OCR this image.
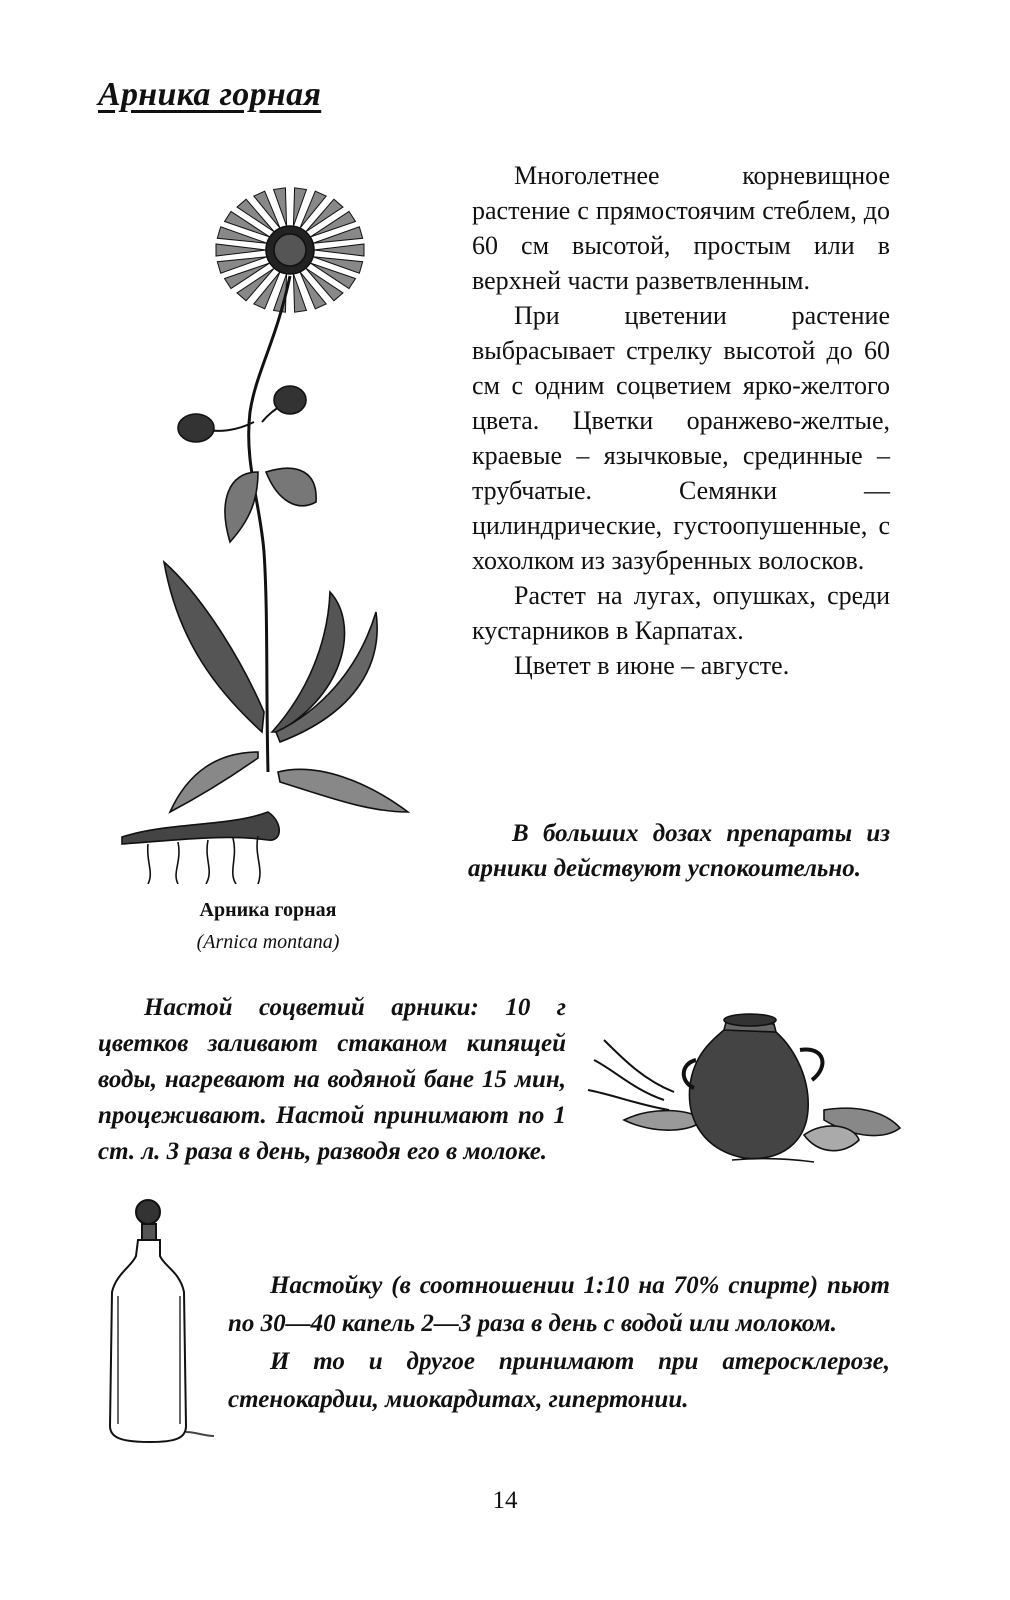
Арника горная

Многолетнее корневищное растение с прямостоячим стеблем, до 60 см высотой, простым или в верхней части разветвленным.

При цветении растение выбрасывает стрелку высотой до 60 см с одним соцветием ярко-желтого цвета. Цветки оранжево-желтые, краевые – язычковые, срединные – трубчатые. Семянки — цилиндрические, густоопушенные, с хохолком из зазубренных волосков.

Растет на лугах, опушках, среди кустарников в Карпатах.

Цветет в июне – августе.

В больших дозах препараты из арники действуют успокоительно.
Арника горная
(Arnica montana)
Настой соцветий арники: 10 г цветков заливают стаканом кипящей воды, нагревают на водяной бане 15 мин, процеживают. Настой принимают по 1 ст. л. 3 раза в день, разводя его в молоке.

Настойку (в соотношении 1:10 на 70% спирте) пьют по 30—40 капель 2—3 раза в день с водой или молоком.

И то и другое принимают при атеросклерозе, стенокардии, миокардитах, гипертонии.

14
